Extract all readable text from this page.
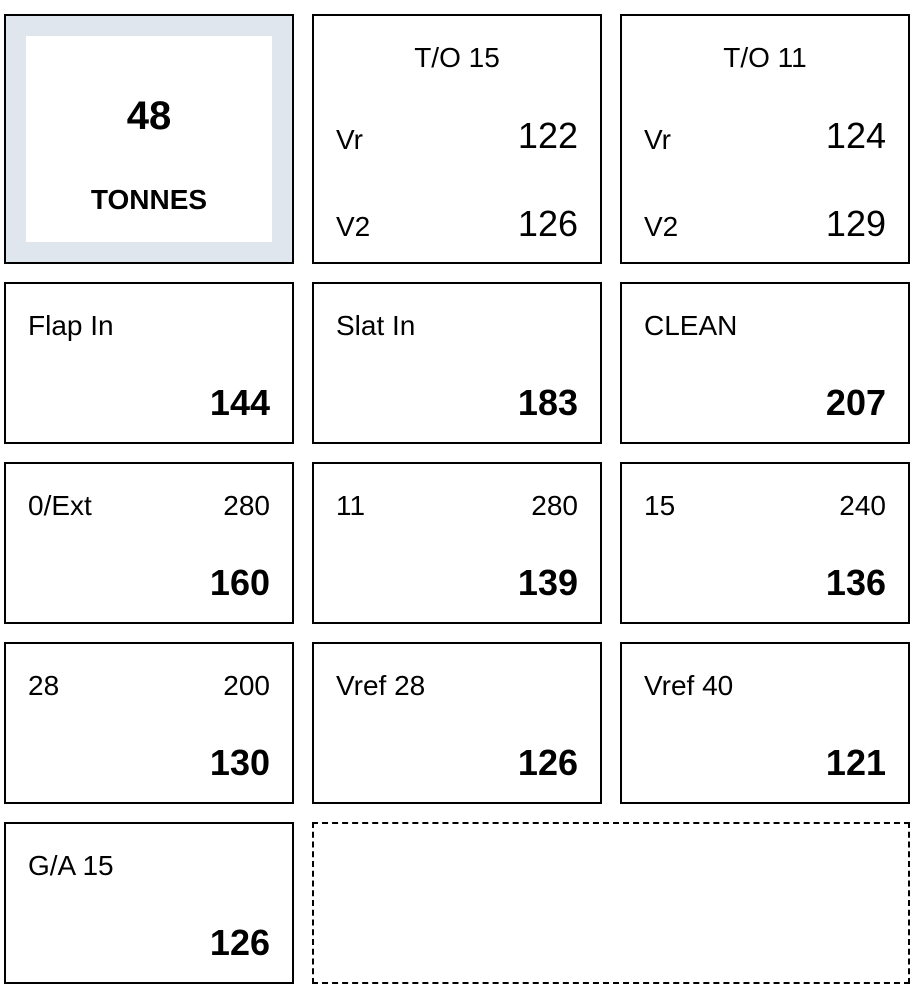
48
TONNES
T/O 15
Vr	122
V2	126
T/O 11
Vr	124
V2	129
Flap In
144
Slat In
183
CLEAN
207
0/Ext	280
160
11	280
139
15	240
136
28	200
130
Vref 28
126
Vref 40
121
G/A 15
126
